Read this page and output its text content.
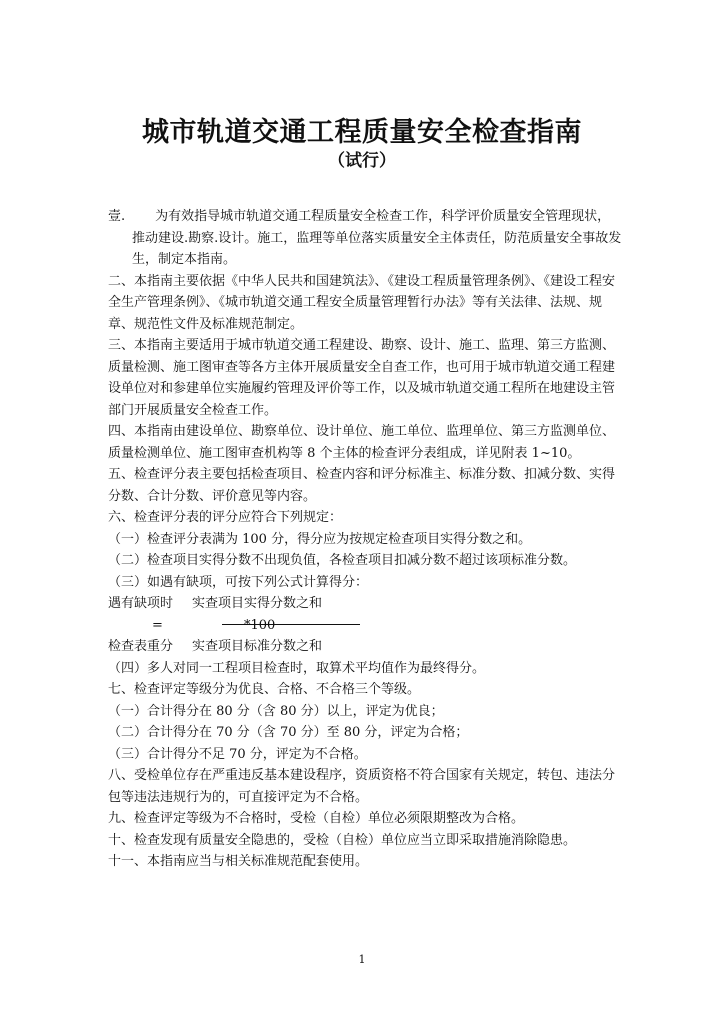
城市轨道交通工程质量安全检查指南
（试行）

壹. 为有效指导城市轨道交通工程质量安全检查工作，科学评价质量安全管理现状，

推动建设.勘察.设计。施工，监理等单位落实质量安全主体责任，防范质量安全事故发

生，制定本指南。

二、本指南主要依据《中华人民共和国建筑法》、《建设工程质量管理条例》、《建设工程安全生产管理条例》、《城市轨道交通工程安全质量管理暂行办法》等有关法律、法规、规章、规范性文件及标准规范制定。

三、本指南主要适用于城市轨道交通工程建设、勘察、设计、施工、监理、第三方监测、质量检测、施工图审查等各方主体开展质量安全自查工作，也可用于城市轨道交通工程建设单位对和参建单位实施履约管理及评价等工作，以及城市轨道交通工程所在地建设主管部门开展质量安全检查工作。

四、本指南由建设单位、勘察单位、设计单位、施工单位、监理单位、第三方监测单位、质量检测单位、施工图审查机构等 8 个主体的检查评分表组成，详见附表 1~10。

五、检查评分表主要包括检查项目、检查内容和评分标准主、标准分数、扣减分数、实得分数、合计分数、评价意见等内容。

六、检查评分表的评分应符合下列规定：

（一）检查评分表满为 100 分，得分应为按规定检查项目实得分数之和。

（二）检查项目实得分数不出现负值，各检查项目扣减分数不超过该项标准分数。

（三）如遇有缺项，可按下列公式计算得分：

遇有缺项时 实查项目实得分数之和

=	*100

检查表重分 实查项目标准分数之和

（四）多人对同一工程项目检查时，取算术平均值作为最终得分。

七、检查评定等级分为优良、合格、不合格三个等级。

（一）合计得分在 80 分（含 80 分）以上，评定为优良；

（二）合计得分在 70 分（含 70 分）至 80 分，评定为合格；

（三）合计得分不足 70 分，评定为不合格。

八、受检单位存在严重违反基本建设程序，资质资格不符合国家有关规定，转包、违法分包等违法违规行为的，可直接评定为不合格。

九、检查评定等级为不合格时，受检（自检）单位必须限期整改为合格。

十、检查发现有质量安全隐患的，受检（自检）单位应当立即采取措施消除隐患。

十一、本指南应当与相关标准规范配套使用。

1
